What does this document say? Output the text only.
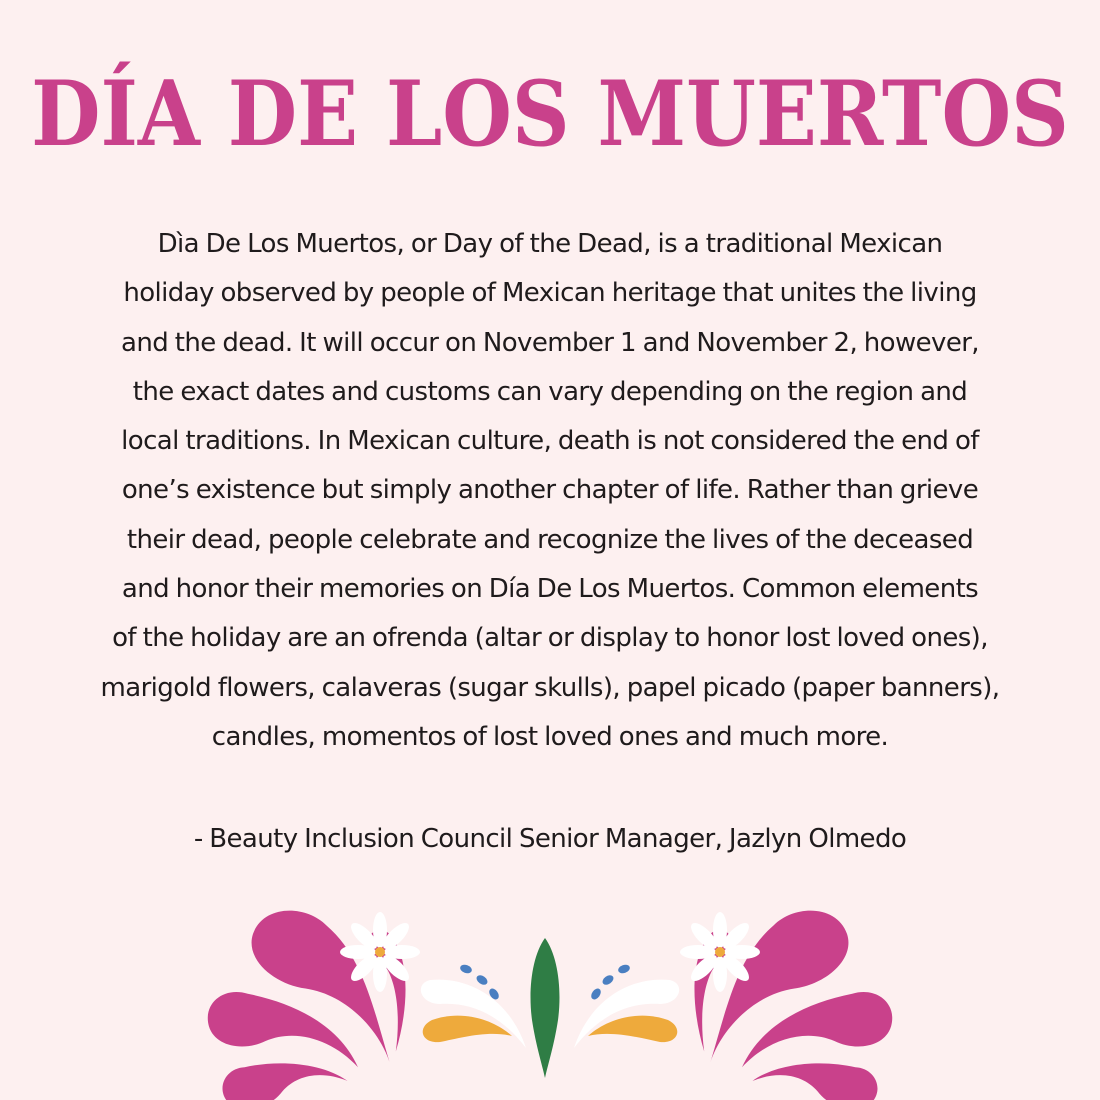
DÍA DE LOS MUERTOS

Dìa De Los Muertos, or Day of the Dead, is a traditional Mexican
holiday observed by people of Mexican heritage that unites the living
and the dead. It will occur on November 1 and November 2, however,
the exact dates and customs can vary depending on the region and
local traditions. In Mexican culture, death is not considered the end of
one’s existence but simply another chapter of life. Rather than grieve
their dead, people celebrate and recognize the lives of the deceased
and honor their memories on Día De Los Muertos. Common elements
of the holiday are an ofrenda (altar or display to honor lost loved ones),
marigold flowers, calaveras (sugar skulls), papel picado (paper banners),
candles, momentos of lost loved ones and much more.

- Beauty Inclusion Council Senior Manager, Jazlyn Olmedo
